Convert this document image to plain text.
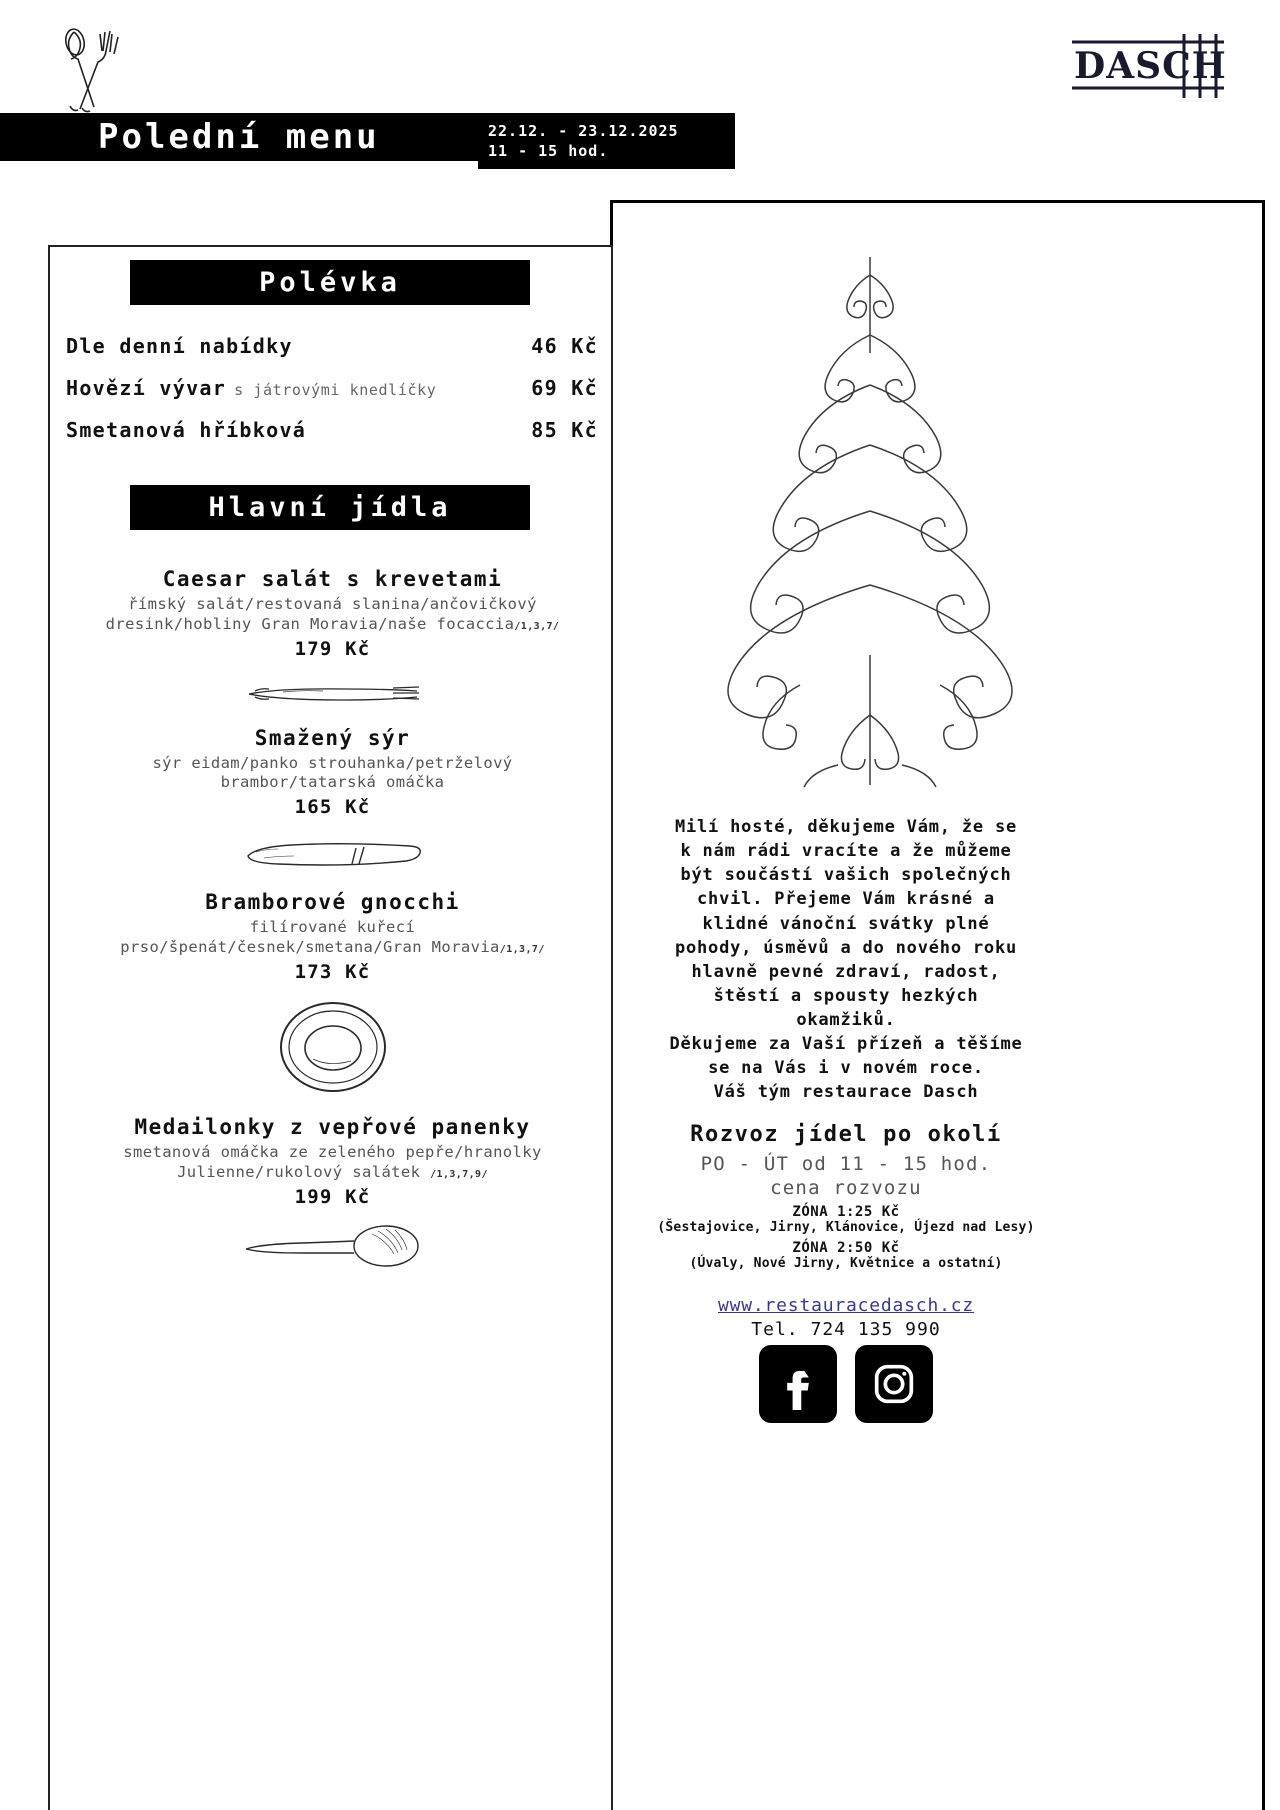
DASCH
Polední menu	22.12. - 23.12.2025
11 - 15 hod.
Polévka
Dle denní nabídky	46 Kč
Hovězí vývar s játrovými knedlíčky	69 Kč
Smetanová hříbková	85 Kč
Hlavní jídla
Caesar salát s krevetami
římský salát/restovaná slanina/ančovičkový
dresink/hobliny Gran Moravia/naše focaccia/1,3,7/
179 Kč
Smažený sýr
sýr eidam/panko strouhanka/petrželový
brambor/tatarská omáčka
165 Kč
Bramborové gnocchi
filírované kuřecí
prso/špenát/česnek/smetana/Gran Moravia/1,3,7/
173 Kč
Medailonky z vepřové panenky
smetanová omáčka ze zeleného pepře/hranolky
Julienne/rukolový salátek /1,3,7,9/
199 Kč
Milí hosté, děkujeme Vám, že se
k nám rádi vracíte a že můžeme
být součástí vašich společných
chvil. Přejeme Vám krásné a
klidné vánoční svátky plné
pohody, úsměvů a do nového roku
hlavně pevné zdraví, radost,
štěstí a spousty hezkých
okamžiků.
Děkujeme za Vaší přízeň a těšíme
se na Vás i v novém roce.
Váš tým restaurace Dasch
Rozvoz jídel po okolí
PO - ÚT od 11 - 15 hod.
cena rozvozu
ZÓNA 1:25 Kč
(Šestajovice, Jirny, Klánovice, Újezd nad Lesy)
ZÓNA 2:50 Kč
(Úvaly, Nové Jirny, Květnice a ostatní)
www.restauracedasch.cz
Tel. 724 135 990
